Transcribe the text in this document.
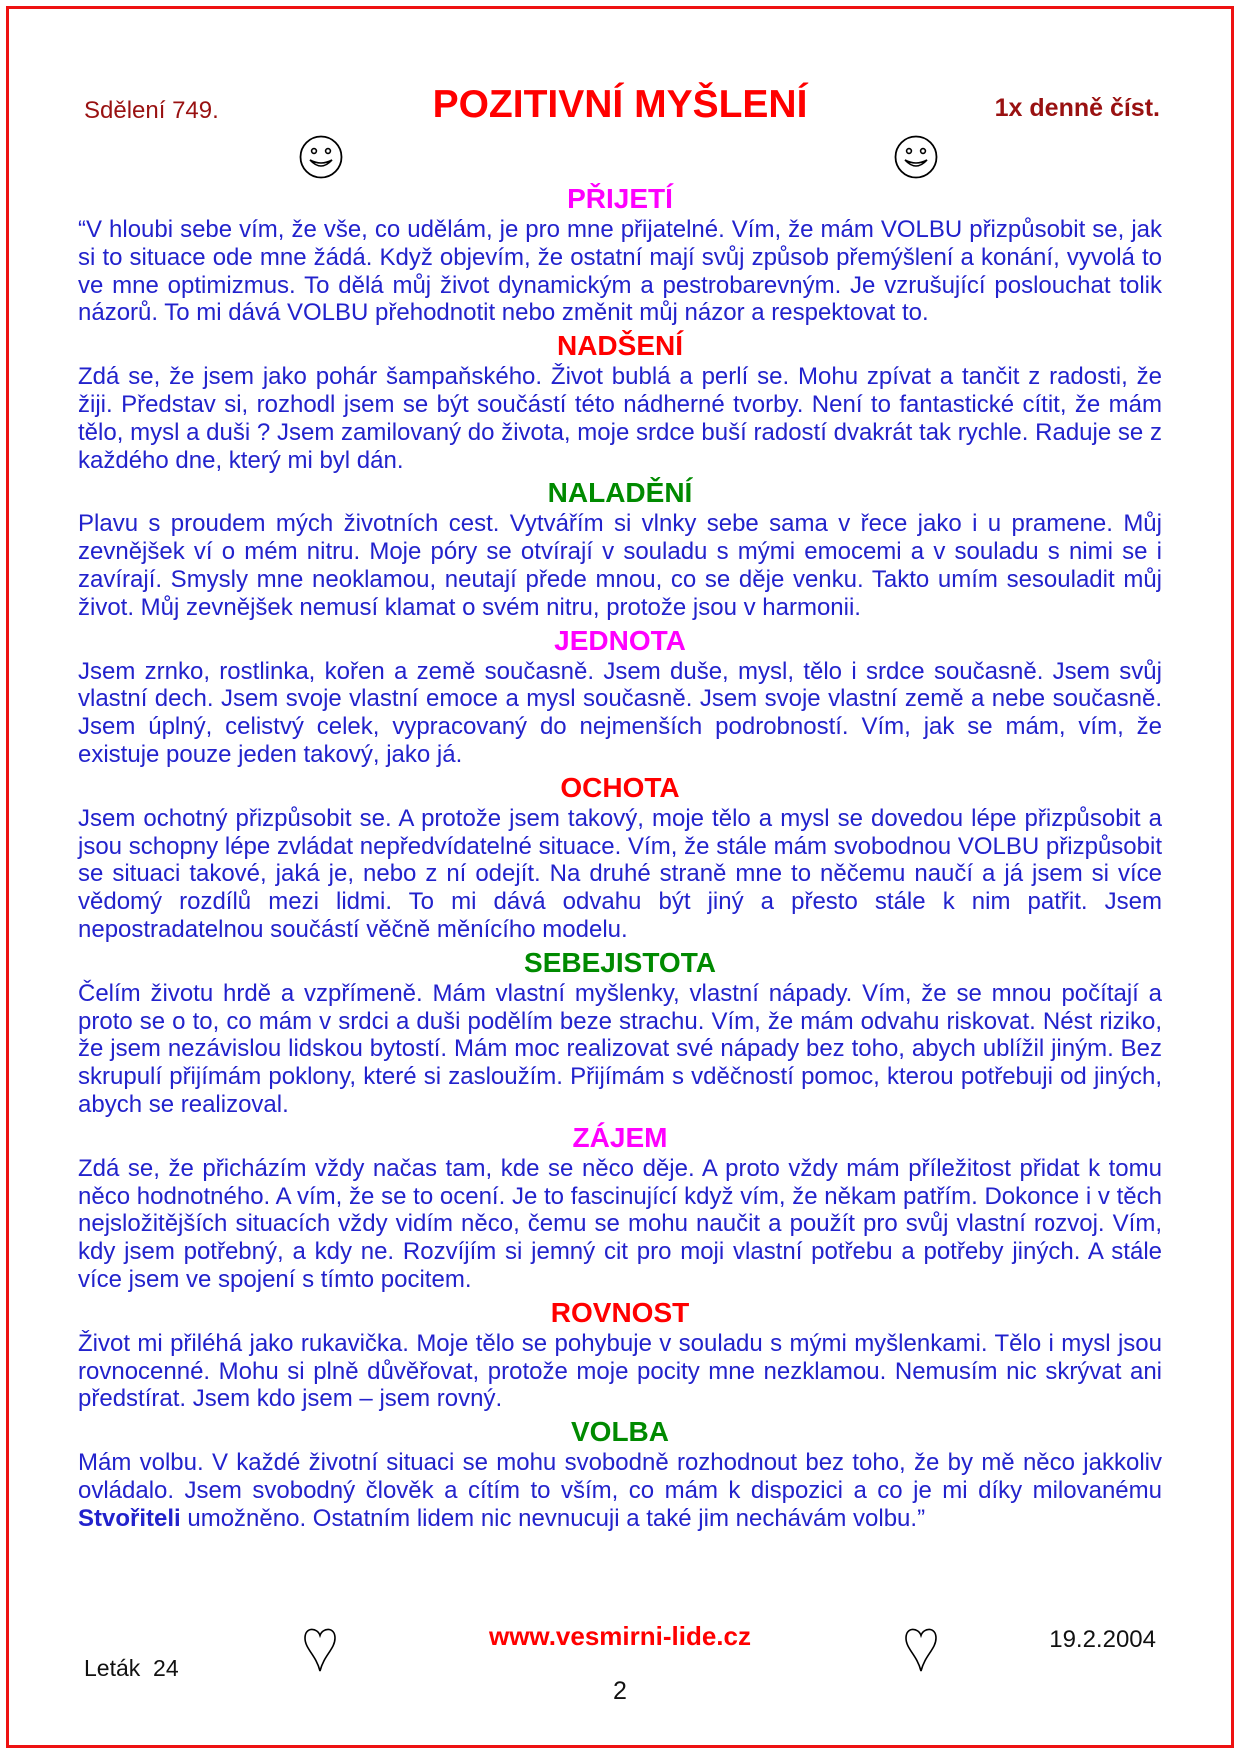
Sdělení 749.	POZITIVNÍ MYŠLENÍ	1x denně číst.
PŘIJETÍ

“V hloubi sebe vím, že vše, co udělám, je pro mne přijatelné. Vím, že mám VOLBU přizpůsobit se, jak si to situace ode mne žádá. Když objevím, že ostatní mají svůj způsob přemýšlení a konání, vyvolá to ve mne optimizmus. To dělá můj život dynamickým a pestrobarevným. Je vzrušující poslouchat tolik názorů. To mi dává VOLBU přehodnotit nebo změnit můj názor a respektovat to.

NADŠENÍ

Zdá se, že jsem jako pohár šampaňského. Život bublá a perlí se. Mohu zpívat a tančit z radosti, že žiji. Představ si, rozhodl jsem se být součástí této nádherné tvorby. Není to fantastické cítit, že mám tělo, mysl a duši ? Jsem zamilovaný do života, moje srdce buší radostí dvakrát tak rychle. Raduje se z každého dne, který mi byl dán.

NALADĚNÍ

Plavu s proudem mých životních cest. Vytvářím si vlnky sebe sama v řece jako i u pramene. Můj zevnějšek ví o mém nitru. Moje póry se otvírají v souladu s mými emocemi a v souladu s nimi se i zavírají. Smysly mne neoklamou, neutají přede mnou, co se děje venku. Takto umím sesouladit můj život. Můj zevnějšek nemusí klamat o svém nitru, protože jsou v harmonii.

JEDNOTA

Jsem zrnko, rostlinka, kořen a země současně. Jsem duše, mysl, tělo i srdce současně. Jsem svůj vlastní dech. Jsem svoje vlastní emoce a mysl současně. Jsem svoje vlastní země a nebe současně. Jsem úplný, celistvý celek, vypracovaný do nejmenších podrobností. Vím, jak se mám, vím, že existuje pouze jeden takový, jako já.

OCHOTA

Jsem ochotný přizpůsobit se. A protože jsem takový, moje tělo a mysl se dovedou lépe přizpůsobit a jsou schopny lépe zvládat nepředvídatelné situace. Vím, že stále mám svobodnou VOLBU přizpůsobit se situaci takové, jaká je, nebo z ní odejít. Na druhé straně mne to něčemu naučí a já jsem si více vědomý rozdílů mezi lidmi. To mi dává odvahu být jiný a přesto stále k nim patřit. Jsem nepostradatelnou součástí věčně měnícího modelu.

SEBEJISTOTA

Čelím životu hrdě a vzpřímeně. Mám vlastní myšlenky, vlastní nápady. Vím, že se mnou počítají a proto se o to, co mám v srdci a duši podělím beze strachu. Vím, že mám odvahu riskovat. Nést riziko, že jsem nezávislou lidskou bytostí. Mám moc realizovat své nápady bez toho, abych ublížil jiným. Bez skrupulí přijímám poklony, které si zasloužím. Přijímám s vděčností pomoc, kterou potřebuji od jiných, abych se realizoval.

ZÁJEM

Zdá se, že přicházím vždy načas tam, kde se něco děje. A proto vždy mám příležitost přidat k tomu něco hodnotného. A vím, že se to ocení. Je to fascinující když vím, že někam patřím. Dokonce i v těch nejsložitějších situacích vždy vidím něco, čemu se mohu naučit a použít pro svůj vlastní rozvoj. Vím, kdy jsem potřebný, a kdy ne. Rozvíjím si jemný cit pro moji vlastní potřebu a potřeby jiných. A stále více jsem ve spojení s tímto pocitem.

ROVNOST

Život mi přiléhá jako rukavička. Moje tělo se pohybuje v souladu s mými myšlenkami. Tělo i mysl jsou rovnocenné. Mohu si plně důvěřovat, protože moje pocity mne nezklamou. Nemusím nic skrývat ani předstírat. Jsem kdo jsem – jsem rovný.

VOLBA

Mám volbu. V každé životní situaci se mohu svobodně rozhodnout bez toho, že by mě něco jakkoliv ovládalo. Jsem svobodný člověk a cítím to vším, co mám k dispozici a co je mi díky milovanému Stvořiteli umožněno. Ostatním lidem nic nevnucuji a také jim nechávám volbu.”

www.vesmirni-lide.cz	19.2.2004
Leták  24
2
